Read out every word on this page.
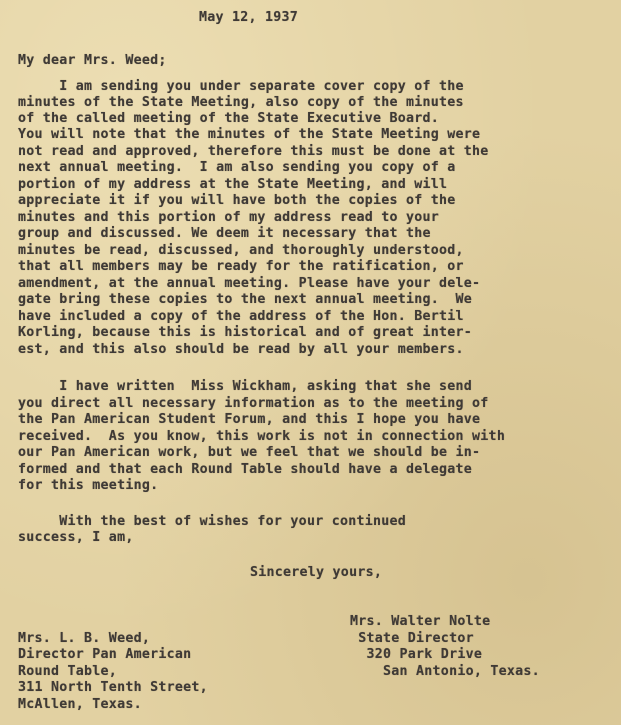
May 12, 1937
My dear Mrs. Weed;
I am sending you under separate cover copy of the
minutes of the State Meeting, also copy of the minutes
of the called meeting of the State Executive Board.
You will note that the minutes of the State Meeting were
not read and approved, therefore this must be done at the
next annual meeting.  I am also sending you copy of a
portion of my address at the State Meeting, and will
appreciate it if you will have both the copies of the
minutes and this portion of my address read to your
group and discussed. We deem it necessary that the
minutes be read, discussed, and thoroughly understood,
that all members may be ready for the ratification, or
amendment, at the annual meeting. Please have your dele-
gate bring these copies to the next annual meeting.  We
have included a copy of the address of the Hon. Bertil
Korling, because this is historical and of great inter-
est, and this also should be read by all your members.
I have written  Miss Wickham, asking that she send
you direct all necessary information as to the meeting of
the Pan American Student Forum, and this I hope you have
received.  As you know, this work is not in connection with
our Pan American work, but we feel that we should be in-
formed and that each Round Table should have a delegate
for this meeting.
With the best of wishes for your continued
success, I am,
Sincerely yours,
Mrs. Walter Nolte
State Director
320 Park Drive
San Antonio, Texas.
Mrs. L. B. Weed,
Director Pan American
Round Table,
311 North Tenth Street,
McAllen, Texas.
